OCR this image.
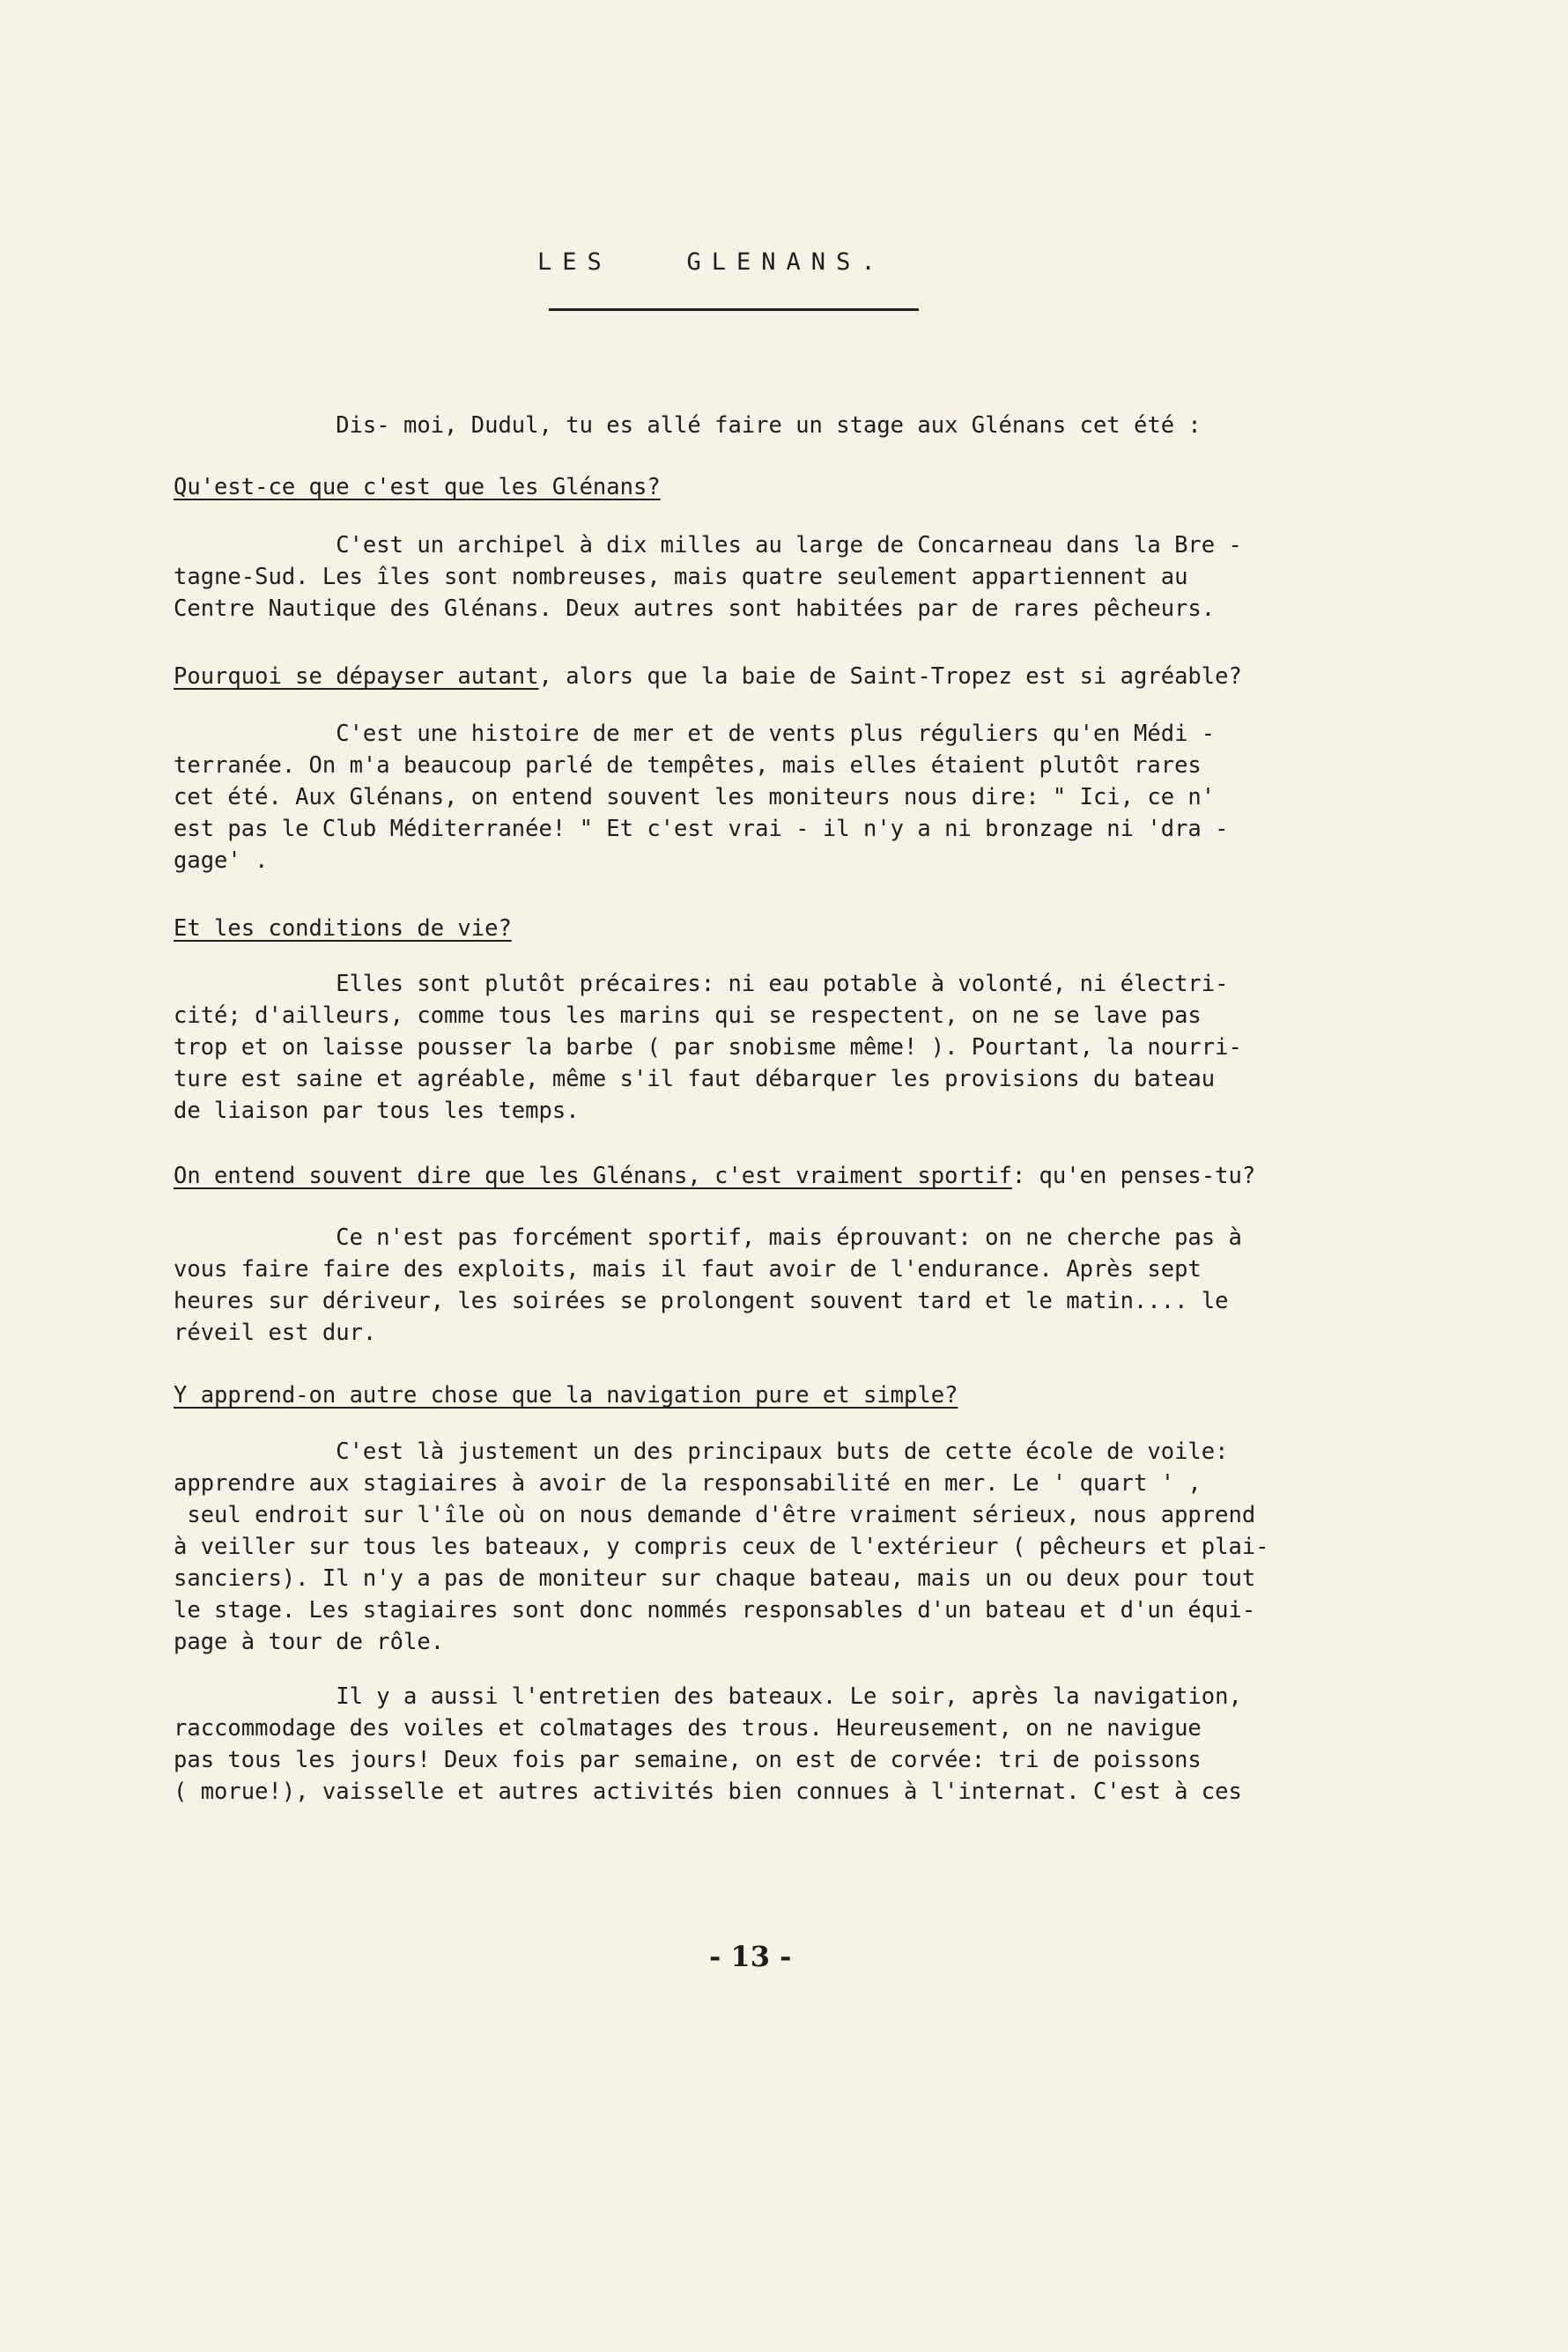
LES   GLENANS.
Dis- moi, Dudul, tu es allé faire un stage aux Glénans cet été :
Qu'est-ce que c'est que les Glénans?
C'est un archipel à dix milles au large de Concarneau dans la Bre -
tagne-Sud. Les îles sont nombreuses, mais quatre seulement appartiennent au
Centre Nautique des Glénans. Deux autres sont habitées par de rares pêcheurs.
Pourquoi se dépayser autant, alors que la baie de Saint-Tropez est si agréable?
C'est une histoire de mer et de vents plus réguliers qu'en Médi -
terranée. On m'a beaucoup parlé de tempêtes, mais elles étaient plutôt rares
cet été. Aux Glénans, on entend souvent les moniteurs nous dire: " Ici, ce n'
est pas le Club Méditerranée! " Et c'est vrai - il n'y a ni bronzage ni 'dra -
gage' .
Et les conditions de vie?
Elles sont plutôt précaires: ni eau potable à volonté, ni électri-
cité; d'ailleurs, comme tous les marins qui se respectent, on ne se lave pas
trop et on laisse pousser la barbe ( par snobisme même! ). Pourtant, la nourri-
ture est saine et agréable, même s'il faut débarquer les provisions du bateau
de liaison par tous les temps.
On entend souvent dire que les Glénans, c'est vraiment sportif: qu'en penses-tu?
Ce n'est pas forcément sportif, mais éprouvant: on ne cherche pas à
vous faire faire des exploits, mais il faut avoir de l'endurance. Après sept
heures sur dériveur, les soirées se prolongent souvent tard et le matin.... le
réveil est dur.
Y apprend-on autre chose que la navigation pure et simple?
C'est là justement un des principaux buts de cette école de voile:
apprendre aux stagiaires à avoir de la responsabilité en mer. Le ' quart ' ,
seul endroit sur l'île où on nous demande d'être vraiment sérieux, nous apprend
à veiller sur tous les bateaux, y compris ceux de l'extérieur ( pêcheurs et plai-
sanciers). Il n'y a pas de moniteur sur chaque bateau, mais un ou deux pour tout
le stage. Les stagiaires sont donc nommés responsables d'un bateau et d'un équi-
page à tour de rôle.
Il y a aussi l'entretien des bateaux. Le soir, après la navigation,
raccommodage des voiles et colmatages des trous. Heureusement, on ne navigue
pas tous les jours! Deux fois par semaine, on est de corvée: tri de poissons
( morue!), vaisselle et autres activités bien connues à l'internat. C'est à ces
- 13 -
